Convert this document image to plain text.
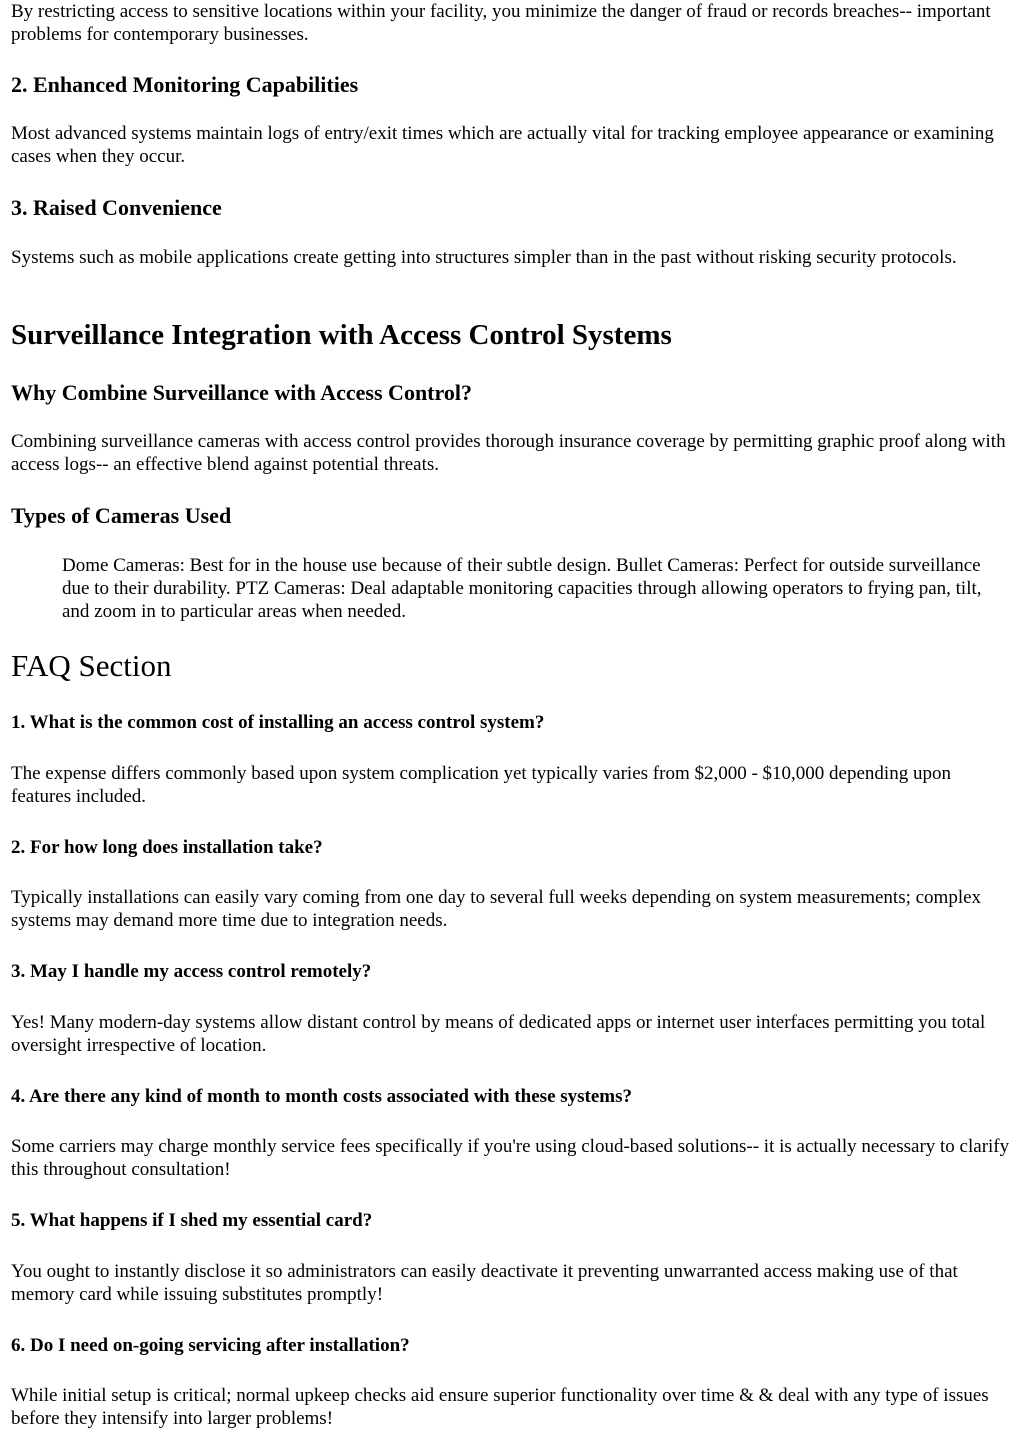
By restricting access to sensitive locations within your facility, you minimize the danger of fraud or records breaches-- important problems for contemporary businesses.

2. Enhanced Monitoring Capabilities

Most advanced systems maintain logs of entry/exit times which are actually vital for tracking employee appearance or examining cases when they occur.

3. Raised Convenience

Systems such as mobile applications create getting into structures simpler than in the past without risking security protocols.

Surveillance Integration with Access Control Systems
Why Combine Surveillance with Access Control?

Combining surveillance cameras with access control provides thorough insurance coverage by permitting graphic proof along with access logs-- an effective blend against potential threats.

Types of Cameras Used
Dome Cameras: Best for in the house use because of their subtle design. Bullet Cameras: Perfect for outside surveillance due to their durability. PTZ Cameras: Deal adaptable monitoring capacities through allowing operators to frying pan, tilt, and zoom in to particular areas when needed.
FAQ Section
1. What is the common cost of installing an access control system?

The expense differs commonly based upon system complication yet typically varies from $2,000 - $10,000 depending upon features included.

2. For how long does installation take?

Typically installations can easily vary coming from one day to several full weeks depending on system measurements; complex systems may demand more time due to integration needs.

3. May I handle my access control remotely?

Yes! Many modern-day systems allow distant control by means of dedicated apps or internet user interfaces permitting you total oversight irrespective of location.

4. Are there any kind of month to month costs associated with these systems?

Some carriers may charge monthly service fees specifically if you're using cloud-based solutions-- it is actually necessary to clarify this throughout consultation!

5. What happens if I shed my essential card?

You ought to instantly disclose it so administrators can easily deactivate it preventing unwarranted access making use of that memory card while issuing substitutes promptly!

6. Do I need on-going servicing after installation?

While initial setup is critical; normal upkeep checks aid ensure superior functionality over time & & deal with any type of issues before they intensify into larger problems!
